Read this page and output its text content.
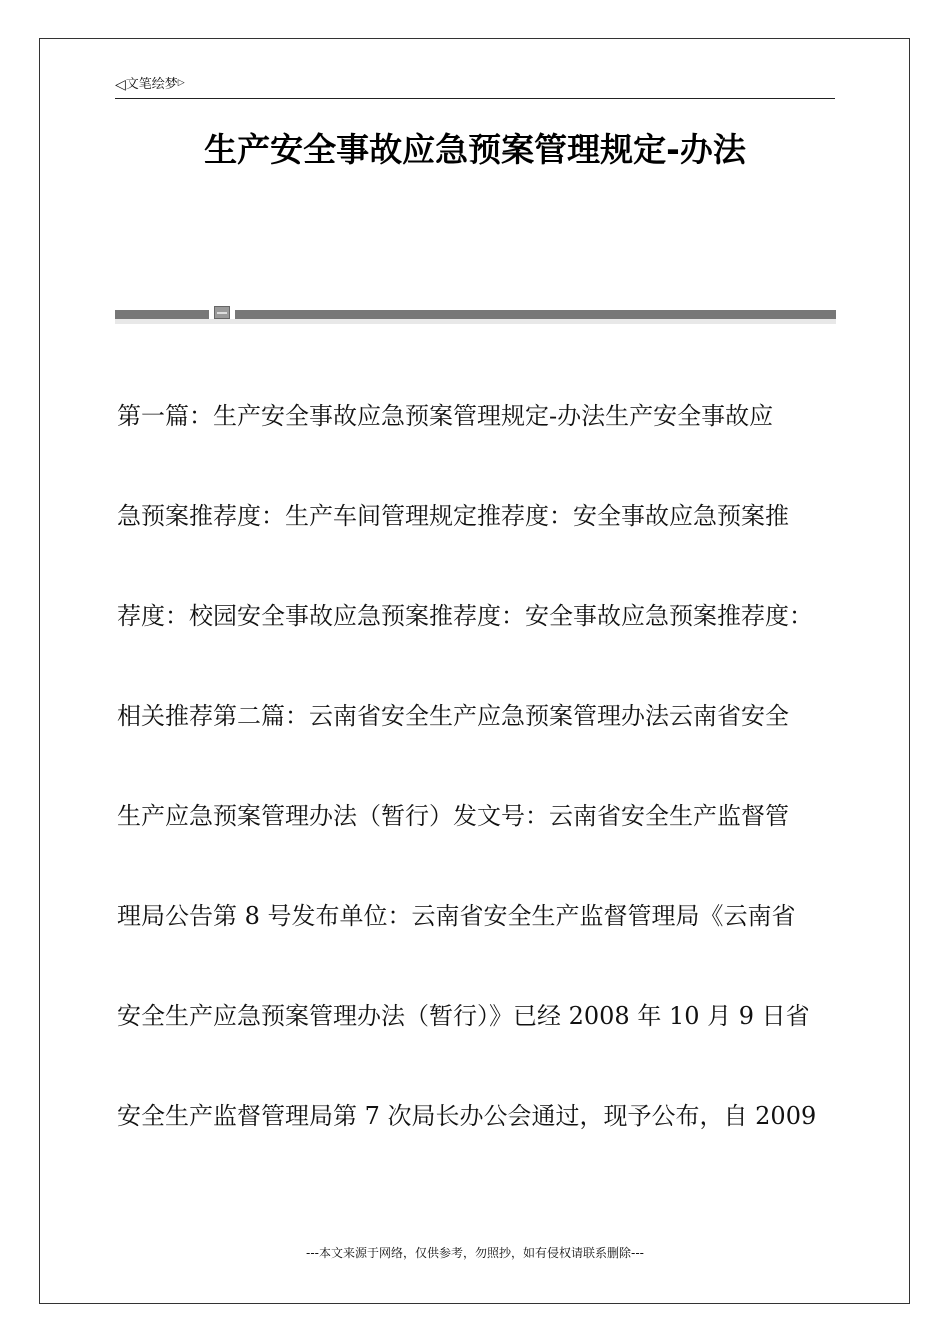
◁文笔绘梦▷
生产安全事故应急预案管理规定-办法
第一篇：生产安全事故应急预案管理规定-办法生产安全事故应
急预案推荐度：生产车间管理规定推荐度：安全事故应急预案推
荐度：校园安全事故应急预案推荐度：安全事故应急预案推荐度：
相关推荐第二篇：云南省安全生产应急预案管理办法云南省安全
生产应急预案管理办法（暂行）发文号：云南省安全生产监督管
理局公告第 8 号发布单位：云南省安全生产监督管理局《云南省
安全生产应急预案管理办法（暂行）》已经 2008 年 10 月 9 日省
安全生产监督管理局第 7 次局长办公会通过，现予公布，自 2009
---本文来源于网络，仅供参考，勿照抄，如有侵权请联系删除---
